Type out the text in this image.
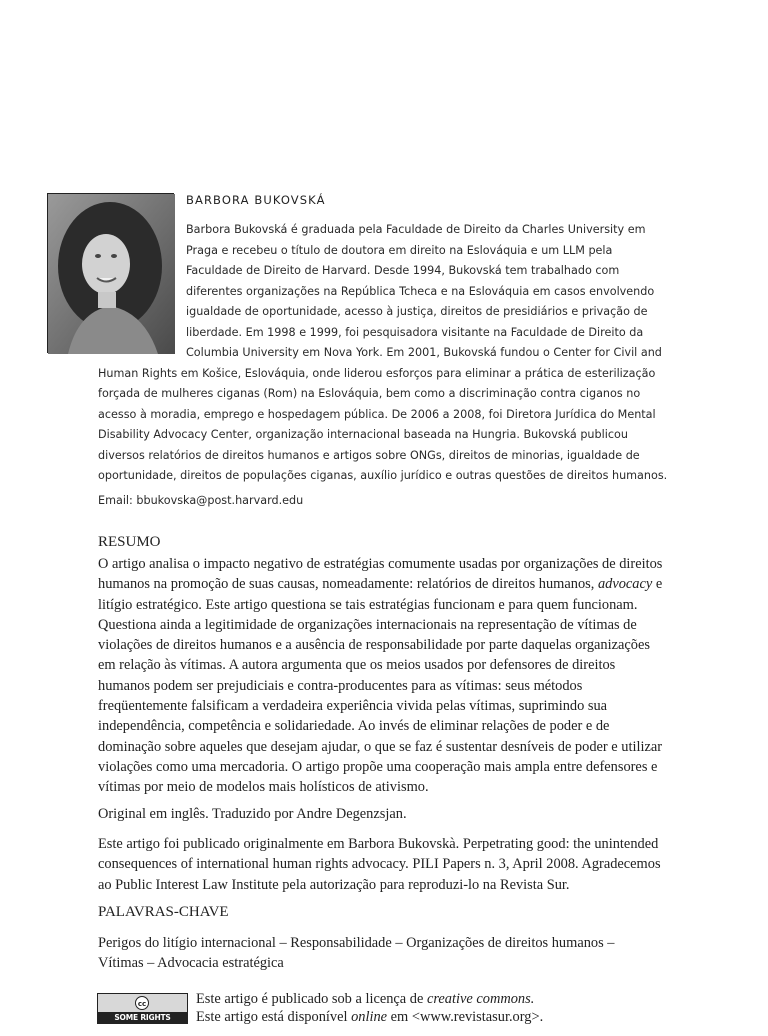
BARBORA BUKOVSKÁ
Barbora Bukovská é graduada pela Faculdade de Direito da Charles University em Praga e recebeu o título de doutora em direito na Eslováquia e um LLM pela Faculdade de Direito de Harvard. Desde 1994, Bukovská tem trabalhado com diferentes organizações na República Tcheca e na Eslováquia em casos envolvendo igualdade de oportunidade, acesso à justiça, direitos de presidiários e privação de liberdade. Em 1998 e 1999, foi pesquisadora visitante na Faculdade de Direito da Columbia University em Nova York. Em 2001, Bukovská fundou o Center for Civil and Human Rights em Košice, Eslováquia, onde liderou esforços para eliminar a prática de esterilização forçada de mulheres ciganas (Rom) na Eslováquia, bem como a discriminação contra ciganos no acesso à moradia, emprego e hospedagem pública. De 2006 a 2008, foi Diretora Jurídica do Mental Disability Advocacy Center, organização internacional baseada na Hungria. Bukovská publicou diversos relatórios de direitos humanos e artigos sobre ONGs, direitos de minorias, igualdade de oportunidade, direitos de populações ciganas, auxílio jurídico e outras questões de direitos humanos.
Email: bbukovska@post.harvard.edu
RESUMO
O artigo analisa o impacto negativo de estratégias comumente usadas por organizações de direitos humanos na promoção de suas causas, nomeadamente: relatórios de direitos humanos, advocacy e litígio estratégico. Este artigo questiona se tais estratégias funcionam e para quem funcionam. Questiona ainda a legitimidade de organizações internacionais na representação de vítimas de violações de direitos humanos e a ausência de responsabilidade por parte daquelas organizações em relação às vítimas. A autora argumenta que os meios usados por defensores de direitos humanos podem ser prejudiciais e contra-producentes para as vítimas: seus métodos freqüentemente falsificam a verdadeira experiência vivida pelas vítimas, suprimindo sua independência, competência e solidariedade. Ao invés de eliminar relações de poder e de dominação sobre aqueles que desejam ajudar, o que se faz é sustentar desníveis de poder e utilizar violações como uma mercadoria. O artigo propõe uma cooperação mais ampla entre defensores e vítimas por meio de modelos mais holísticos de ativismo.
Original em inglês. Traduzido por Andre Degenzsjan.
Este artigo foi publicado originalmente em Barbora Bukovskà. Perpetrating good: the unintended consequences of international human rights advocacy. PILI Papers n. 3, April 2008. Agradecemos ao Public Interest Law Institute pela autorização para reproduzi-lo na Revista Sur.
PALAVRAS-CHAVE
Perigos do litígio internacional – Responsabilidade – Organizações de direitos humanos – Vítimas – Advocacia estratégica
cc
SOME RIGHTS RESERVED
Este artigo é publicado sob a licença de creative commons.
Este artigo está disponível online em <www.revistasur.org>.
